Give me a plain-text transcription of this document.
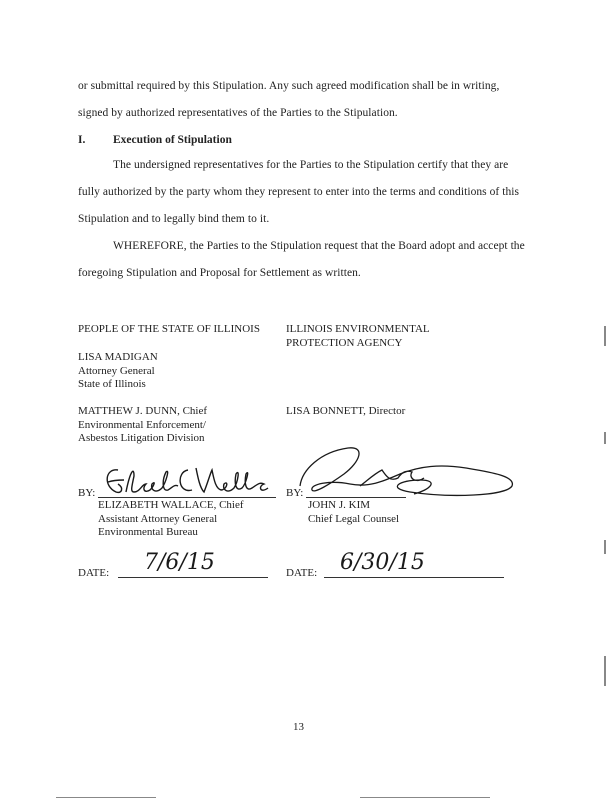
or submittal required by this Stipulation. Any such agreed modification shall be in writing,
signed by authorized representatives of the Parties to the Stipulation.
I. Execution of Stipulation
The undersigned representatives for the Parties to the Stipulation certify that they are
fully authorized by the party whom they represent to enter into the terms and conditions of this
Stipulation and to legally bind them to it.
WHEREFORE, the Parties to the Stipulation request that the Board adopt and accept the
foregoing Stipulation and Proposal for Settlement as written.
PEOPLE OF THE STATE OF ILLINOIS
LISA MADIGAN
Attorney General
State of Illinois
MATTHEW J. DUNN, Chief
Environmental Enforcement/
Asbestos Litigation Division
ILLINOIS ENVIRONMENTAL
PROTECTION AGENCY
LISA BONNETT, Director
BY:
ELIZABETH WALLACE, Chief
Assistant Attorney General
Environmental Bureau
BY:
JOHN J. KIM
Chief Legal Counsel
DATE: 7/6/15	DATE: 6/30/15
13
